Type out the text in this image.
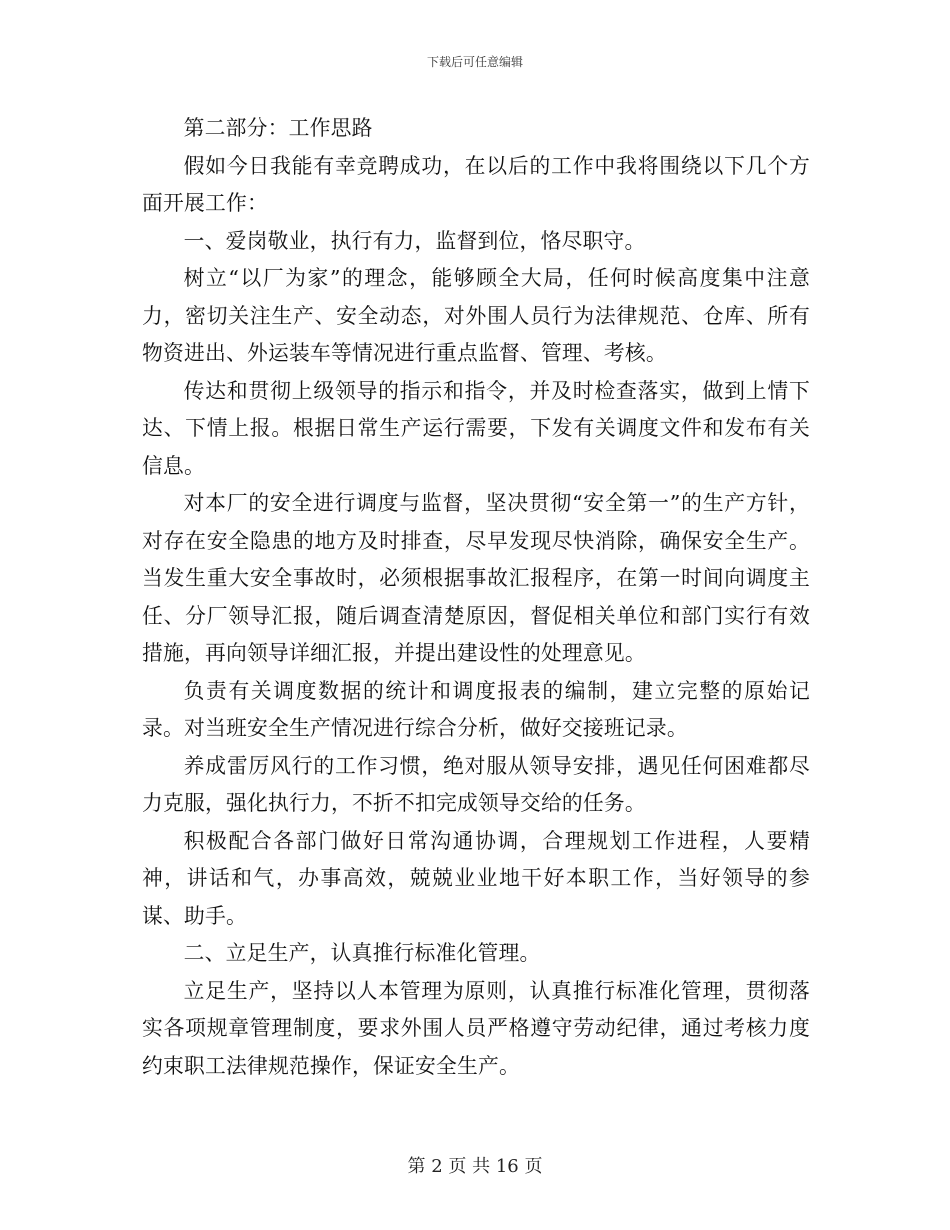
下载后可任意编辑

第二部分：工作思路

假如今日我能有幸竞聘成功，在以后的工作中我将围绕以下几个方面开展工作：

一、爱岗敬业，执行有力，监督到位，恪尽职守。

树立“以厂为家”的理念，能够顾全大局，任何时候高度集中注意力，密切关注生产、安全动态，对外围人员行为法律规范、仓库、所有物资进出、外运装车等情况进行重点监督、管理、考核。

传达和贯彻上级领导的指示和指令，并及时检查落实，做到上情下达、下情上报。根据日常生产运行需要，下发有关调度文件和发布有关信息。

对本厂的安全进行调度与监督，坚决贯彻“安全第一”的生产方针，对存在安全隐患的地方及时排查，尽早发现尽快消除，确保安全生产。当发生重大安全事故时，必须根据事故汇报程序，在第一时间向调度主任、分厂领导汇报，随后调查清楚原因，督促相关单位和部门实行有效措施，再向领导详细汇报，并提出建设性的处理意见。

负责有关调度数据的统计和调度报表的编制，建立完整的原始记录。对当班安全生产情况进行综合分析，做好交接班记录。

养成雷厉风行的工作习惯，绝对服从领导安排，遇见任何困难都尽力克服，强化执行力，不折不扣完成领导交给的任务。

积极配合各部门做好日常沟通协调，合理规划工作进程，人要精神，讲话和气，办事高效，兢兢业业地干好本职工作，当好领导的参谋、助手。

二、立足生产，认真推行标准化管理。

立足生产，坚持以人本管理为原则，认真推行标准化管理，贯彻落实各项规章管理制度，要求外围人员严格遵守劳动纪律，通过考核力度约束职工法律规范操作，保证安全生产。

第 2 页 共 16 页
